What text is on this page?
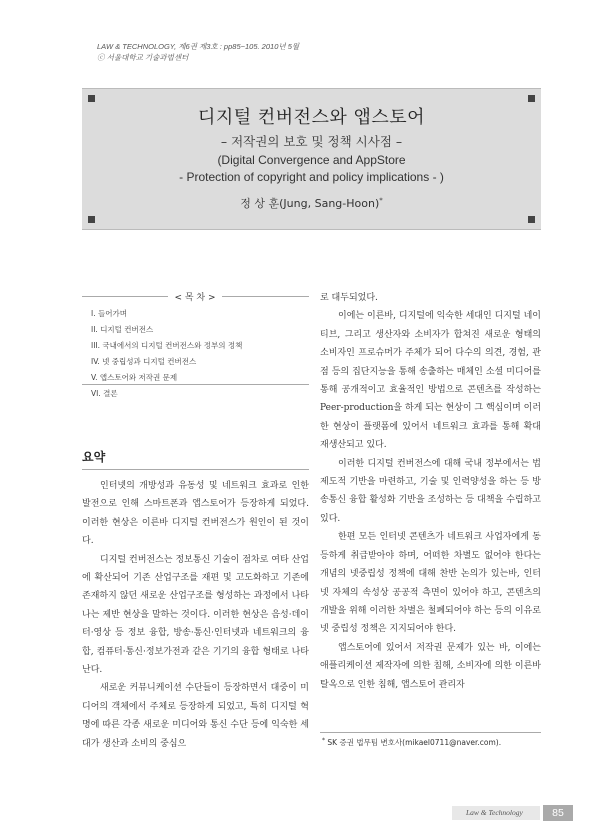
LAW & TECHNOLOGY, 제6권 제3호 : pp85~105. 2010년 5월
ⓒ 서울대학교 기술과법센터
디지털 컨버전스와 앱스토어
– 저작권의 보호 및 정책 시사점 –
(Digital Convergence and AppStore
- Protection of copyright and policy implications - )
정 상 훈(Jung, Sang-Hoon)*
< 목 차 >
I. 들어가며
II. 디지털 컨버전스
III. 국내에서의 디지털 컨버전스와 정부의 정책
IV. 넷 중립성과 디지털 컨버전스
V. 앱스토어와 저작권 문제
VI. 결론
요약

인터넷의 개방성과 유동성 및 네트워크 효과로 인한 발전으로 인해 스마트폰과 앱스토어가 등장하게 되었다. 이러한 현상은 이른바 디지털 컨버전스가 원인이 된 것이다.

디지털 컨버전스는 정보통신 기술이 점차로 여타 산업에 확산되어 기존 산업구조를 재편 및 고도화하고 기존에 존재하지 않던 새로운 산업구조를 형성하는 과정에서 나타나는 제반 현상을 말하는 것이다. 이러한 현상은 음성·데이터·영상 등 정보 융합, 방송·통신·인터넷과 네트워크의 융합, 컴퓨터·통신·정보가전과 같은 기기의 융합 형태로 나타난다.

새로운 커뮤니케이션 수단들이 등장하면서 대중이 미디어의 객체에서 주체로 등장하게 되었고, 특히 디지털 혁명에 따른 각종 새로운 미디어와 통신 수단 등에 익숙한 세대가 생산과 소비의 중심으

로 대두되었다.

이에는 이른바, 디지털에 익숙한 세대인 디지털 네이티브, 그리고 생산자와 소비자가 합쳐진 새로운 형태의 소비자인 프로슈머가 주체가 되어 다수의 의견, 경험, 관점 등의 집단지능을 통해 송출하는 매체인 소셜 미디어를 통해 공개적이고 효율적인 방법으로 콘텐츠를 작성하는 Peer-production을 하게 되는 현상이 그 핵심이며 이러한 현상이 플랫폼에 있어서 네트워크 효과를 통해 확대 재생산되고 있다.

이러한 디지털 컨버전스에 대해 국내 정부에서는 법제도적 기반을 마련하고, 기술 및 인력양성을 하는 등 방송통신 융합 활성화 기반을 조성하는 등 대책을 수립하고 있다.

한편 모든 인터넷 콘텐츠가 네트워크 사업자에게 동등하게 취급받아야 하며, 어떠한 차별도 없어야 한다는 개념의 넷중립성 정책에 대해 찬반 논의가 있는바, 인터넷 자체의 속성상 공공적 측면이 있어야 하고, 콘텐츠의 개발을 위해 이러한 차별은 철폐되어야 하는 등의 이유로 넷 중립성 정책은 지지되어야 한다.

앱스토어에 있어서 저작권 문제가 있는 바, 이에는 애플리케이션 제작자에 의한 침해, 소비자에 의한 이른바 탈옥으로 인한 침해, 앱스토어 관리자

* SK 증권 법무팀 변호사(mikael0711@naver.com).
Law & Technology	85
